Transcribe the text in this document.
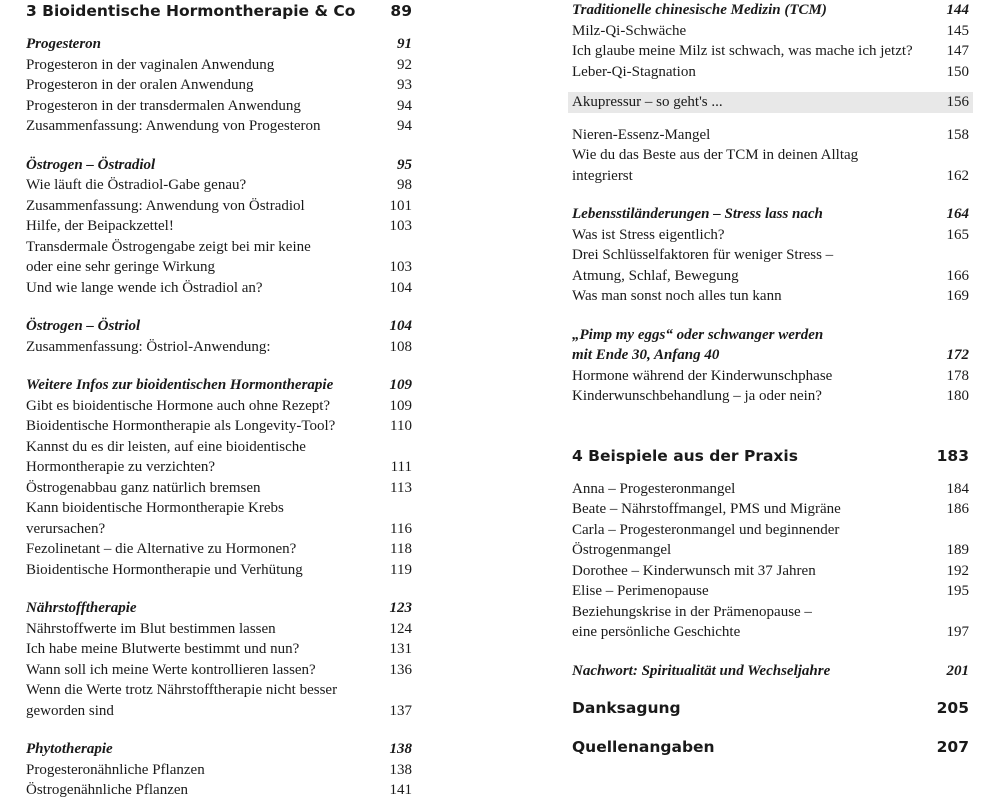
3 Bioidentische Hormontherapie & Co 89
Progesteron	91
Progesteron in der vaginalen Anwendung	92
Progesteron in der oralen Anwendung	93
Progesteron in der transdermalen Anwendung	94
Zusammenfassung: Anwendung von Progesteron	94
Östrogen – Östradiol	95
Wie läuft die Östradiol-Gabe genau?	98
Zusammenfassung: Anwendung von Östradiol	101
Hilfe, der Beipackzettel!	103
Transdermale Östrogengabe zeigt bei mir keine
oder eine sehr geringe Wirkung	103
Und wie lange wende ich Östradiol an?	104
Östrogen – Östriol	104
Zusammenfassung: Östriol-Anwendung:	108
Weitere Infos zur bioidentischen Hormontherapie	109
Gibt es bioidentische Hormone auch ohne Rezept?	109
Bioidentische Hormontherapie als Longevity-Tool?	110
Kannst du es dir leisten, auf eine bioidentische
Hormontherapie zu verzichten?	111
Östrogenabbau ganz natürlich bremsen	113
Kann bioidentische Hormontherapie Krebs
verursachen?	116
Fezolinetant – die Alternative zu Hormonen?	118
Bioidentische Hormontherapie und Verhütung	119
Nährstofftherapie	123
Nährstoffwerte im Blut bestimmen lassen	124
Ich habe meine Blutwerte bestimmt und nun?	131
Wann soll ich meine Werte kontrollieren lassen?	136
Wenn die Werte trotz Nährstofftherapie nicht besser
geworden sind	137
Phytotherapie	138
Progesteronähnliche Pflanzen	138
Östrogenähnliche Pflanzen	141
Traditionelle chinesische Medizin (TCM)	144
Milz-Qi-Schwäche	145
Ich glaube meine Milz ist schwach, was mache ich jetzt? 147
Leber-Qi-Stagnation	150
Akupressur – so geht's ...	156
Nieren-Essenz-Mangel	158
Wie du das Beste aus der TCM in deinen Alltag
integrierst	162
Lebensstiländerungen – Stress lass nach	164
Was ist Stress eigentlich?	165
Drei Schlüsselfaktoren für weniger Stress –
Atmung, Schlaf, Bewegung	166
Was man sonst noch alles tun kann	169
„Pimp my eggs“ oder schwanger werden
mit Ende 30, Anfang 40	172
Hormone während der Kinderwunschphase	178
Kinderwunschbehandlung – ja oder nein?	180
4 Beispiele aus der Praxis	183
Anna – Progesteronmangel	184
Beate – Nährstoffmangel, PMS und Migräne	186
Carla – Progesteronmangel und beginnender
Östrogenmangel	189
Dorothee – Kinderwunsch mit 37 Jahren	192
Elise – Perimenopause	195
Beziehungskrise in der Prämenopause –
eine persönliche Geschichte	197
Nachwort: Spiritualität und Wechseljahre	201
Danksagung	205
Quellenangaben	207
